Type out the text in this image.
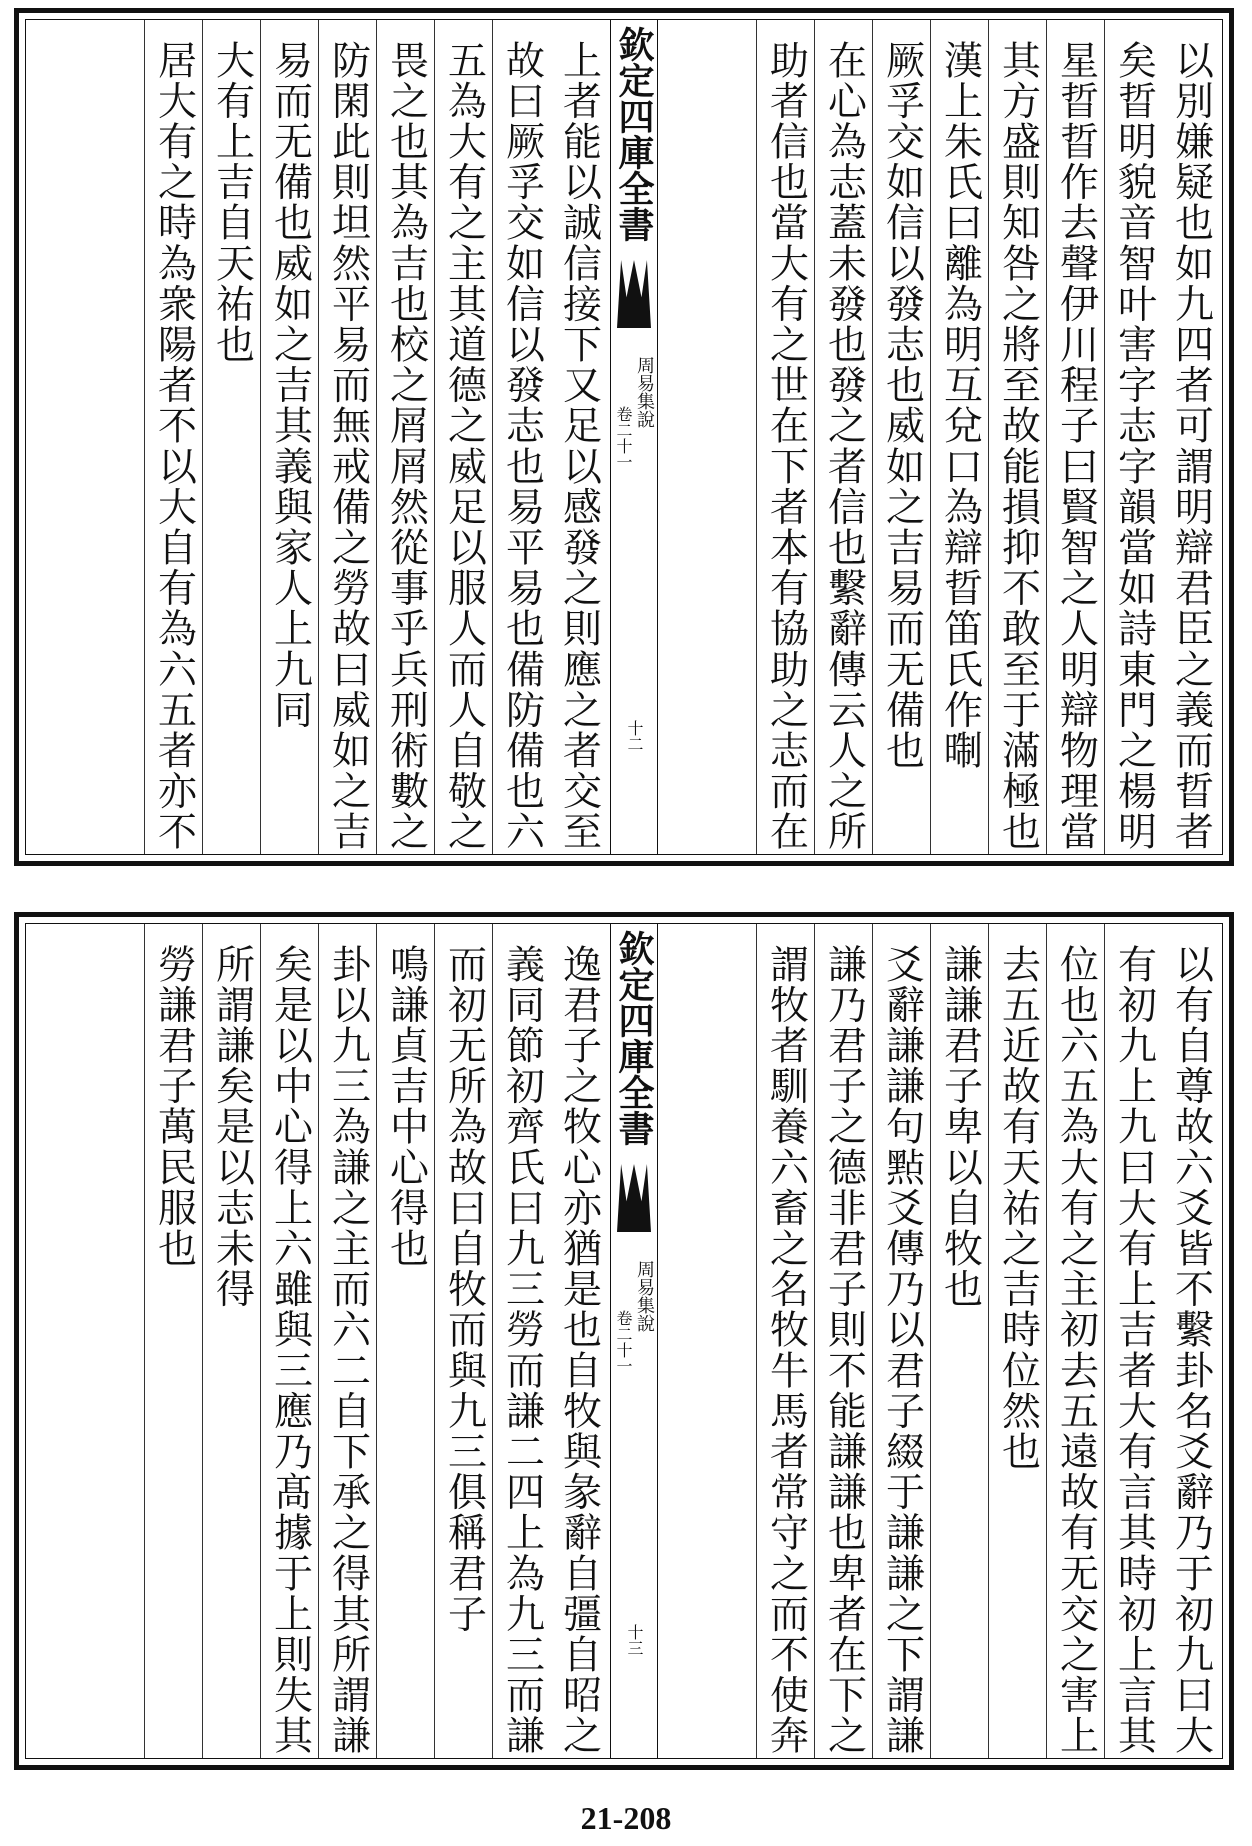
以別嫌疑也如九四者可謂明辯君臣之義而晢者
矣晢明貌音智叶害字志字韻當如詩東門之楊明
星晢晢作去聲伊川程子曰賢智之人明辯物理當
其方盛則知咎之將至故能損抑不敢至于滿極也
漢上朱氏曰離為明互兌口為辯晢笛氏作㫼
厥孚交如信以發志也威如之吉易而无備也
在心為志蓋未發也發之者信也繫辭傳云人之所
助者信也當大有之世在下者本有協助之志而在
欽定四庫全書
周易集說
卷二十一
十二
上者能以誠信接下又足以感發之則應之者交至
故曰厥孚交如信以發志也易平易也備防備也六
五為大有之主其道德之威足以服人而人自敬之
畏之也其為吉也校之屑屑然從事乎兵刑術數之
防閑此則坦然平易而無戒備之勞故曰威如之吉
易而无備也威如之吉其義與家人上九同
大有上吉自天祐也
居大有之時為衆陽者不以大自有為六五者亦不
以有自尊故六爻皆不繫卦名爻辭乃于初九曰大
有初九上九曰大有上吉者大有言其時初上言其
位也六五為大有之主初去五遠故有无交之害上
去五近故有天祐之吉時位然也
謙謙君子卑以自牧也
爻辭謙謙句㸃爻傳乃以君子綴于謙謙之下謂謙
謙乃君子之德非君子則不能謙謙也卑者在下之
謂牧者馴養六畜之名牧牛馬者常守之而不使奔
欽定四庫全書
周易集說
卷二十一
十三
逸君子之牧心亦猶是也自牧與彖辭自彊自昭之
義同節初齊氏曰九三勞而謙二四上為九三而謙
而初无所為故曰自牧而與九三俱稱君子
鳴謙貞吉中心得也
卦以九三為謙之主而六二自下承之得其所謂謙
矣是以中心得上六雖與三應乃髙據于上則失其
所謂謙矣是以志未得
勞謙君子萬民服也
21-208
